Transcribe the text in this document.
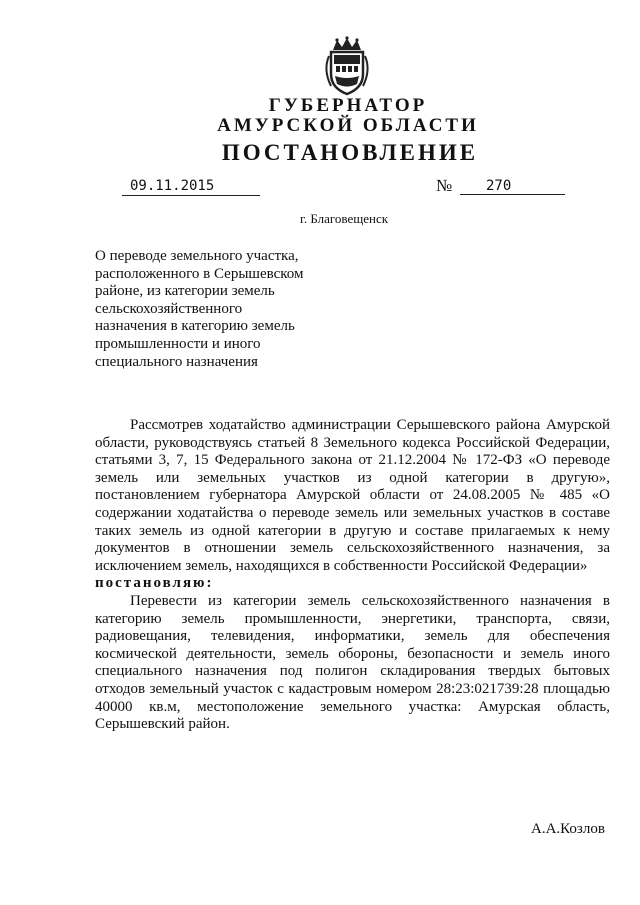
ГУБЕРНАТОР
АМУРСКОЙ ОБЛАСТИ
ПОСТАНОВЛЕНИЕ
09.11.2015	№	270
г. Благовещенск
О переводе земельного участка,
расположенного в Серышевском
районе, из категории земель
сельскохозяйственного
назначения в категорию земель
промышленности и иного
специального назначения
Рассмотрев ходатайство администрации Серышевского района Амурской
области, руководствуясь статьей 8 Земельного кодекса Российской Федерации,
статьями 3, 7, 15 Федерального закона от 21.12.2004 № 172-ФЗ «О переводе
земель или земельных участков из одной категории в другую»,
постановлением губернатора Амурской области от 24.08.2005 № 485 «О
содержании ходатайства о переводе земель или земельных участков в составе
таких земель из одной категории в другую и составе прилагаемых к нему
документов в отношении земель сельскохозяйственного назначения, за
исключением земель, находящихся в собственности Российской Федерации»
постановляю:
Перевести из категории земель сельскохозяйственного назначения в
категорию земель промышленности, энергетики, транспорта, связи,
радиовещания, телевидения, информатики, земель для обеспечения
космической деятельности, земель обороны, безопасности и земель иного
специального назначения под полигон складирования твердых бытовых
отходов земельный участок с кадастровым номером 28:23:021739:28 площадью
40000 кв.м, местоположение земельного участка: Амурская область,
Серышевский район.
А.А.Козлов
